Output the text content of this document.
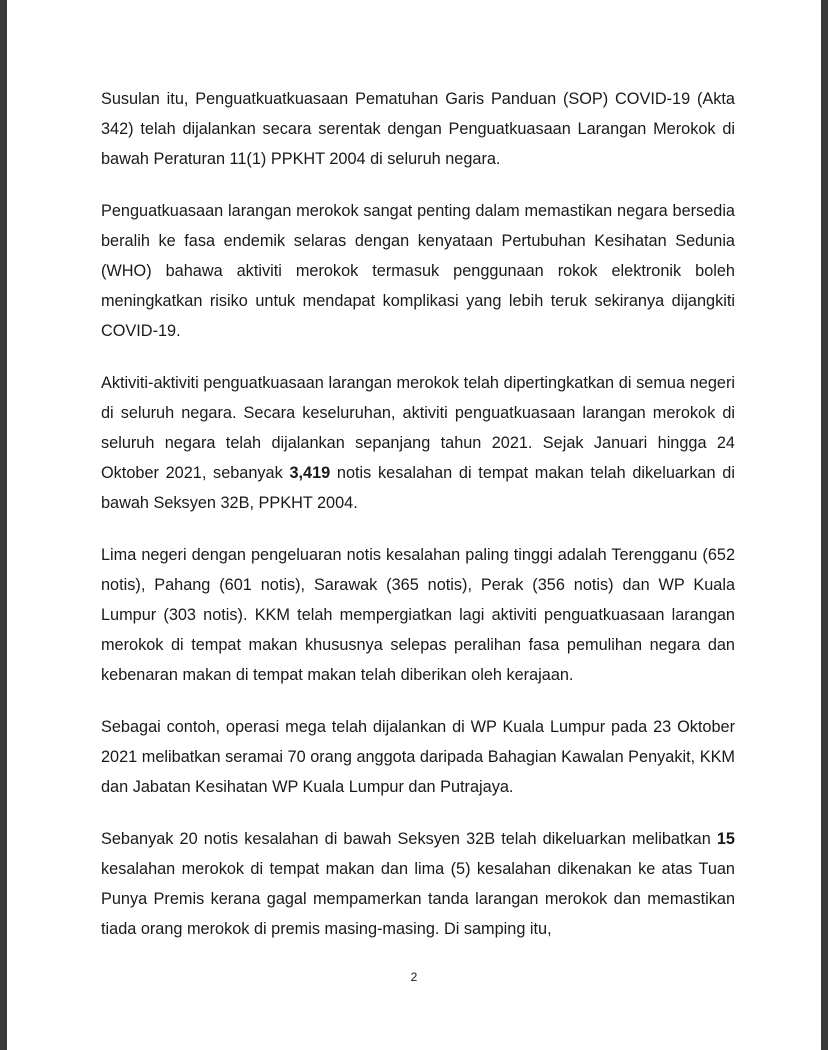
Susulan itu, Penguatkuatkuasaan Pematuhan Garis Panduan (SOP) COVID-19 (Akta 342) telah dijalankan secara serentak dengan Penguatkuasaan Larangan Merokok di bawah Peraturan 11(1) PPKHT 2004 di seluruh negara.

Penguatkuasaan larangan merokok sangat penting dalam memastikan negara bersedia beralih ke fasa endemik selaras dengan kenyataan Pertubuhan Kesihatan Sedunia (WHO) bahawa aktiviti merokok termasuk penggunaan rokok elektronik boleh meningkatkan risiko untuk mendapat komplikasi yang lebih teruk sekiranya dijangkiti COVID-19.

Aktiviti-aktiviti penguatkuasaan larangan merokok telah dipertingkatkan di semua negeri di seluruh negara. Secara keseluruhan, aktiviti penguatkuasaan larangan merokok di seluruh negara telah dijalankan sepanjang tahun 2021. Sejak Januari hingga 24 Oktober 2021, sebanyak 3,419 notis kesalahan di tempat makan telah dikeluarkan di bawah Seksyen 32B, PPKHT 2004.

Lima negeri dengan pengeluaran notis kesalahan paling tinggi adalah Terengganu (652 notis), Pahang (601 notis), Sarawak (365 notis), Perak (356 notis) dan WP Kuala Lumpur (303 notis). KKM telah mempergiatkan lagi aktiviti penguatkuasaan larangan merokok di tempat makan khususnya selepas peralihan fasa pemulihan negara dan kebenaran makan di tempat makan telah diberikan oleh kerajaan.

Sebagai contoh, operasi mega telah dijalankan di WP Kuala Lumpur pada 23 Oktober 2021 melibatkan seramai 70 orang anggota daripada Bahagian Kawalan Penyakit, KKM dan Jabatan Kesihatan WP Kuala Lumpur dan Putrajaya.

Sebanyak 20 notis kesalahan di bawah Seksyen 32B telah dikeluarkan melibatkan 15 kesalahan merokok di tempat makan dan lima (5) kesalahan dikenakan ke atas Tuan Punya Premis kerana gagal mempamerkan tanda larangan merokok dan memastikan tiada orang merokok di premis masing-masing. Di samping itu,

2
